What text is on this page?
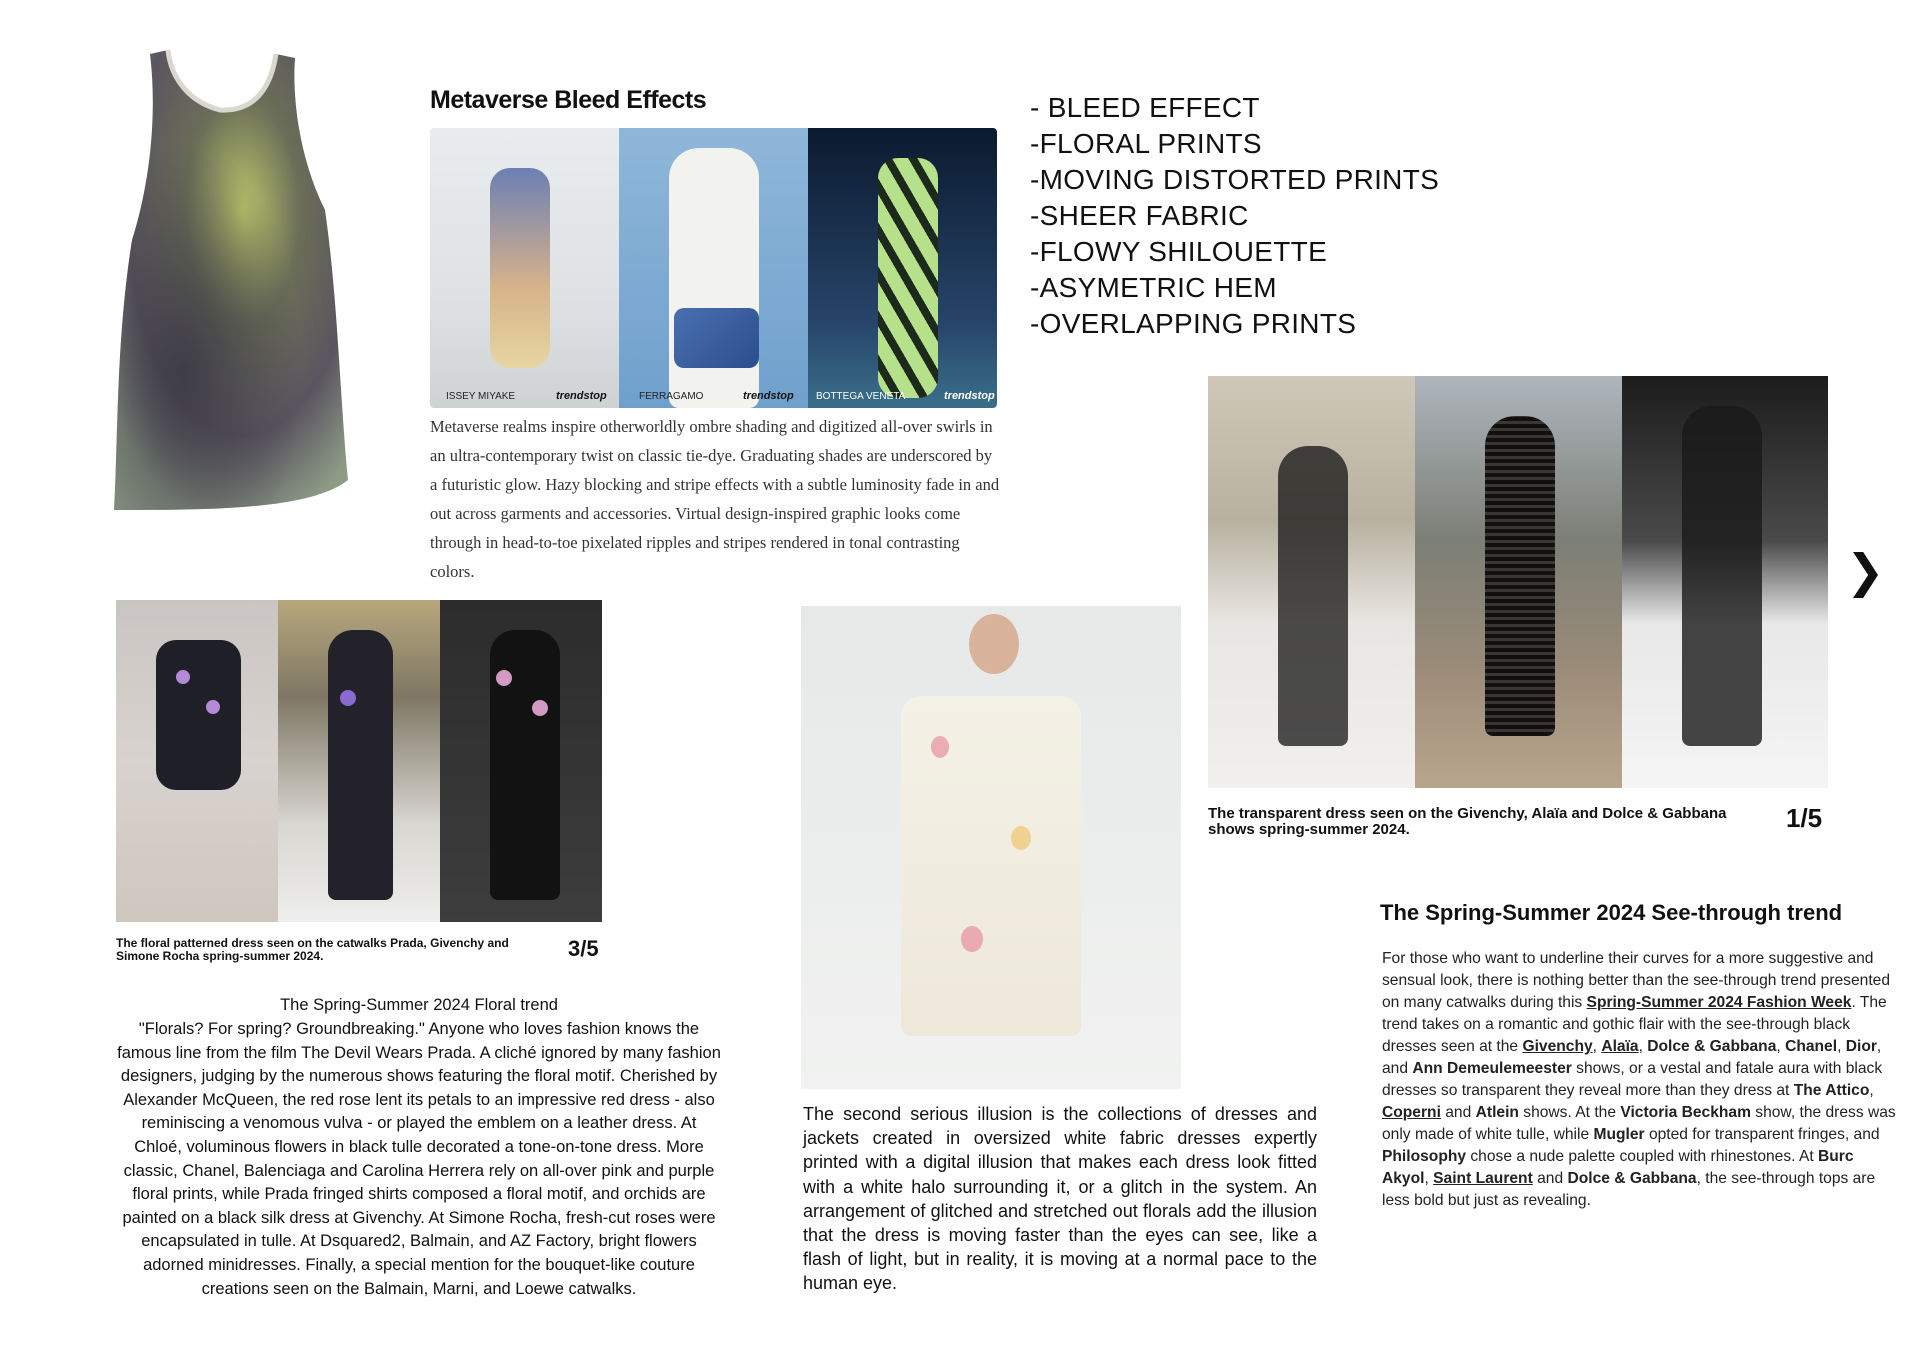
Metaverse Bleed Effects
ISSEY MIYAKE	trendstop	FERRAGAMO	trendstop BOTTEGA VENETA	trendstop
Metaverse realms inspire otherworldly ombre shading and digitized all-over swirls in an ultra-contemporary twist on classic tie-dye. Graduating shades are underscored by a futuristic glow. Hazy blocking and stripe effects with a subtle luminosity fade in and out across garments and accessories. Virtual design-inspired graphic looks come through in head-to-toe pixelated ripples and stripes rendered in tonal contrasting colors.
- BLEED EFFECT
-FLORAL PRINTS
-MOVING DISTORTED PRINTS
-SHEER FABRIC
-FLOWY SHILOUETTE
-ASYMETRIC HEM
-OVERLAPPING PRINTS
❯
The transparent dress seen on the Givenchy, Alaïa and Dolce & Gabbana shows spring-summer 2024.	1/5
The Spring-Summer 2024 See-through trend
For those who want to underline their curves for a more suggestive and sensual look, there is nothing better than the see-through trend presented on many catwalks during this Spring-Summer 2024 Fashion Week. The trend takes on a romantic and gothic flair with the see-through black dresses seen at the Givenchy, Alaïa, Dolce & Gabbana, Chanel, Dior, and Ann Demeulemeester shows, or a vestal and fatale aura with black dresses so transparent they reveal more than they dress at The Attico, Coperni and Atlein shows. At the Victoria Beckham show, the dress was only made of white tulle, while Mugler opted for transparent fringes, and Philosophy chose a nude palette coupled with rhinestones. At Burc Akyol, Saint Laurent and Dolce & Gabbana, the see-through tops are less bold but just as revealing.
The floral patterned dress seen on the catwalks Prada, Givenchy and Simone Rocha spring-summer 2024.	3/5
The Spring-Summer 2024 Floral trend
"Florals? For spring? Groundbreaking." Anyone who loves fashion knows the famous line from the film The Devil Wears Prada. A cliché ignored by many fashion designers, judging by the numerous shows featuring the floral motif. Cherished by Alexander McQueen, the red rose lent its petals to an impressive red dress - also reminiscing a venomous vulva - or played the emblem on a leather dress. At Chloé, voluminous flowers in black tulle decorated a tone-on-tone dress. More classic, Chanel, Balenciaga and Carolina Herrera rely on all-over pink and purple floral prints, while Prada fringed shirts composed a floral motif, and orchids are painted on a black silk dress at Givenchy. At Simone Rocha, fresh-cut roses were encapsulated in tulle. At Dsquared2, Balmain, and AZ Factory, bright flowers adorned minidresses. Finally, a special mention for the bouquet-like couture creations seen on the Balmain, Marni, and Loewe catwalks.
The second serious illusion is the collections of dresses and jackets created in oversized white fabric dresses expertly printed with a digital illusion that makes each dress look fitted with a white halo surrounding it, or a glitch in the system. An arrangement of glitched and stretched out florals add the illusion that the dress is moving faster than the eyes can see, like a flash of light, but in reality, it is moving at a normal pace to the human eye.
